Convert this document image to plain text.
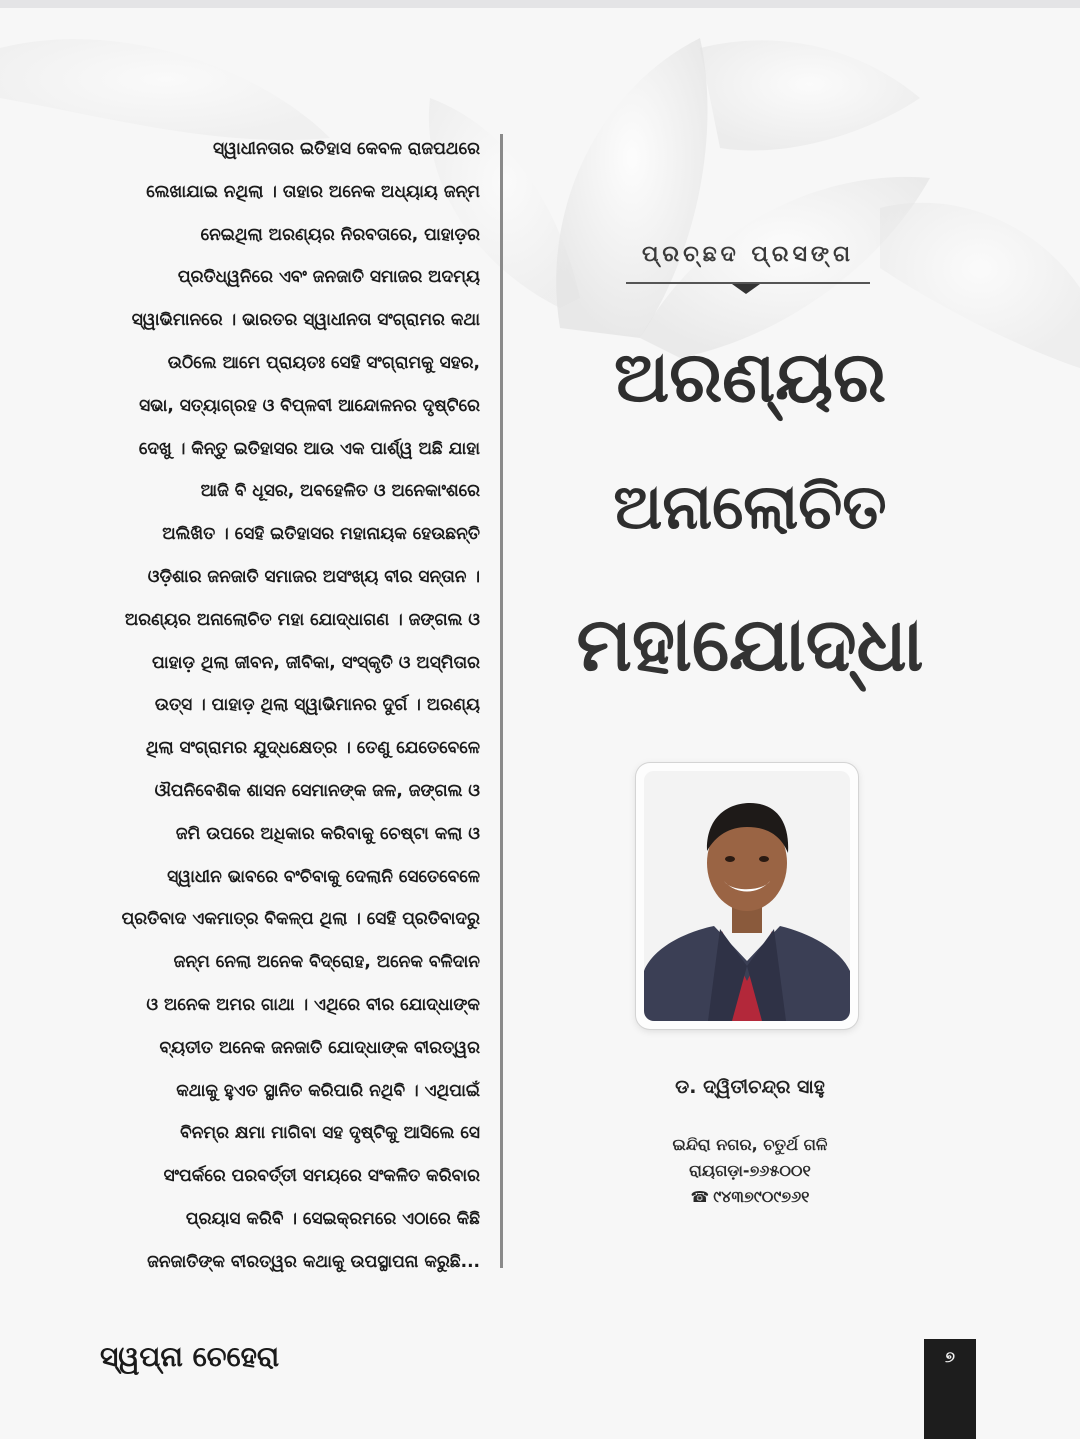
ସ୍ୱାଧୀନତାର ଇତିହାସ କେବଳ ରାଜପଥରେ
ଲେଖାଯାଇ ନଥିଲା । ତାହାର ଅନେକ ଅଧ୍ୟାୟ ଜନ୍ମ
ନେଇଥିଲା ଅରଣ୍ୟର ନିରବତାରେ, ପାହାଡ଼ର
ପ୍ରତିଧ୍ୱନିରେ ଏବଂ ଜନଜାତି ସମାଜର ଅଦମ୍ୟ
ସ୍ୱାଭିମାନରେ । ଭାରତର ସ୍ୱାଧୀନତା ସଂଗ୍ରାମର କଥା
ଉଠିଲେ ଆମେ ପ୍ରାୟତଃ ସେହି ସଂଗ୍ରାମକୁ ସହର,
ସଭା, ସତ୍ୟାଗ୍ରହ ଓ ବିପ୍ଳବୀ ଆନ୍ଦୋଳନର ଦୃଷ୍ଟିରେ
ଦେଖୁ । କିନ୍ତୁ ଇତିହାସର ଆଉ ଏକ ପାର୍ଶ୍ୱ ଅଛି ଯାହା
ଆଜି ବି ଧୂସର, ଅବହେଳିତ ଓ ଅନେକାଂଶରେ
ଅଲିଖିତ । ସେହି ଇତିହାସର ମହାନାୟକ ହେଉଛନ୍ତି
ଓଡ଼ିଶାର ଜନଜାତି ସମାଜର ଅସଂଖ୍ୟ ବୀର ସନ୍ତାନ ।
ଅରଣ୍ୟର ଅନାଲୋଚିତ ମହା ଯୋଦ୍ଧାଗଣ । ଜଙ୍ଗଲ ଓ
ପାହାଡ଼ ଥିଲା ଜୀବନ, ଜୀବିକା, ସଂସ୍କୃତି ଓ ଅସ୍ମିତାର
ଉତ୍ସ । ପାହାଡ଼ ଥିଲା ସ୍ୱାଭିମାନର ଦୁର୍ଗ । ଅରଣ୍ୟ
ଥିଲା ସଂଗ୍ରାମର ଯୁଦ୍ଧକ୍ଷେତ୍ର । ତେଣୁ ଯେତେବେଳେ
ଔପନିବେଶିକ ଶାସନ ସେମାନଙ୍କ ଜଳ, ଜଙ୍ଗଲ ଓ
ଜମି ଉପରେ ଅଧିକାର କରିବାକୁ ଚେଷ୍ଟା କଲା ଓ
ସ୍ୱାଧୀନ ଭାବରେ ବଂଚିବାକୁ ଦେଲାନି ସେତେବେଳେ
ପ୍ରତିବାଦ ଏକମାତ୍ର ବିକଳ୍ପ ଥିଲା । ସେହି ପ୍ରତିବାଦରୁ
ଜନ୍ମ ନେଲା ଅନେକ ବିଦ୍ରୋହ, ଅନେକ ବଳିଦାନ
ଓ ଅନେକ ଅମର ଗାଥା । ଏଥିରେ ବୀର ଯୋଦ୍ଧାଙ୍କ
ବ୍ୟତୀତ ଅନେକ ଜନଜାତି ଯୋଦ୍ଧାଙ୍କ ବୀରତ୍ୱର
କଥାକୁ ହୁଏତ ସ୍ଥାନିତ କରିପାରି ନଥିବି । ଏଥିପାଇଁ
ବିନମ୍ର କ୍ଷମା ମାଗିବା ସହ ଦୃଷ୍ଟିକୁ ଆସିଲେ ସେ
ସଂପର୍କରେ ପରବର୍ତ୍ତୀ ସମୟରେ ସଂକଳିତ କରିବାର
ପ୍ରୟାସ କରିବି । ସେଇକ୍ରମରେ ଏଠାରେ କିଛି
ଜନଜାତିଙ୍କ ବୀରତ୍ୱର କଥାକୁ ଉପସ୍ଥାପନା କରୁଛି...
ପ୍ରଚ୍ଛଦ ପ୍ରସଙ୍ଗ
ଅରଣ୍ୟର
ଅନାଲୋଚିତ
ମହାଯୋଦ୍ଧା
ଡ. ଦ୍ୱିତୀଚନ୍ଦ୍ର ସାହୁ
ଇନ୍ଦିରା ନଗର, ଚତୁର୍ଥ ଗଳି
ରାୟଗଡ଼ା-୭୬୫୦୦୧
☎ ୯୪୩୭୯୦୯୭୬୧
ସ୍ୱପ୍ନା ଚେହେରା	୭
